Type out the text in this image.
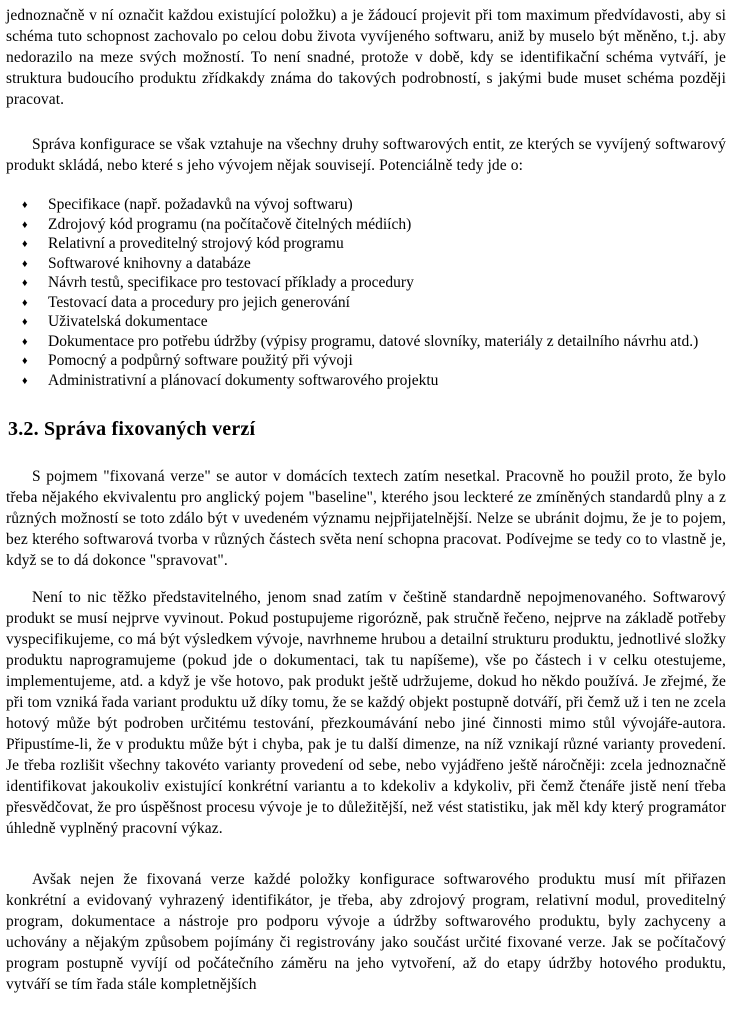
jednoznačně v ní označit každou existující položku) a je žádoucí projevit při tom maximum předvídavosti, aby si schéma tuto schopnost zachovalo po celou dobu života vyvíjeného softwaru, aniž by muselo být měněno, t.j. aby nedorazilo na meze svých možností. To není snadné, protože v době, kdy se identifikační schéma vytváří, je struktura budoucího produktu zřídkakdy známa do takových podrobností, s jakými bude muset schéma později pracovat.

Správa konfigurace se však vztahuje na všechny druhy softwarových entit, ze kterých se vyvíjený softwarový produkt skládá, nebo které s jeho vývojem nějak souvisejí. Potenciálně tedy jde o:

♦ Specifikace (např. požadavků na vývoj softwaru)
♦ Zdrojový kód programu (na počítačově čitelných médiích)
♦ Relativní a proveditelný strojový kód programu
♦ Softwarové knihovny a databáze
♦ Návrh testů, specifikace pro testovací příklady a procedury
♦ Testovací data a procedury pro jejich generování
♦ Uživatelská dokumentace
♦ Dokumentace pro potřebu údržby (výpisy programu, datové slovníky, materiály z detailního návrhu atd.)
♦ Pomocný a podpůrný software použitý při vývoji
♦ Administrativní a plánovací dokumenty softwarového projektu
3.2. Správa fixovaných verzí

S pojmem "fixovaná verze" se autor v domácích textech zatím nesetkal. Pracovně ho použil proto, že bylo třeba nějakého ekvivalentu pro anglický pojem "baseline", kterého jsou leckteré ze zmíněných standardů plny a z různých možností se toto zdálo být v uvedeném významu nejpřijatelnější. Nelze se ubránit dojmu, že je to pojem, bez kterého softwarová tvorba v různých částech světa není schopna pracovat. Podívejme se tedy co to vlastně je, když se to dá dokonce "spravovat".

Není to nic těžko představitelného, jenom snad zatím v češtině standardně nepojmenovaného. Softwarový produkt se musí nejprve vyvinout. Pokud postupujeme rigorózně, pak stručně řečeno, nejprve na základě potřeby vyspecifikujeme, co má být výsledkem vývoje, navrhneme hrubou a detailní strukturu produktu, jednotlivé složky produktu naprogramujeme (pokud jde o dokumentaci, tak tu napíšeme), vše po částech i v celku otestujeme, implementujeme, atd. a když je vše hotovo, pak produkt ještě udržujeme, dokud ho někdo používá. Je zřejmé, že při tom vzniká řada variant produktu už díky tomu, že se každý objekt postupně dotváří, při čemž už i ten ne zcela hotový může být podroben určitému testování, přezkoumávání nebo jiné činnosti mimo stůl vývojáře-autora. Připustíme-li, že v produktu může být i chyba, pak je tu další dimenze, na níž vznikají různé varianty provedení. Je třeba rozlišit všechny takovéto varianty provedení od sebe, nebo vyjádřeno ještě náročněji: zcela jednoznačně identifikovat jakoukoliv existující konkrétní variantu a to kdekoliv a kdykoliv, při čemž čtenáře jistě není třeba přesvědčovat, že pro úspěšnost procesu vývoje je to důležitější, než vést statistiku, jak měl kdy který programátor úhledně vyplněný pracovní výkaz.

Avšak nejen že fixovaná verze každé položky konfigurace softwarového produktu musí mít přiřazen konkrétní a evidovaný vyhrazený identifikátor, je třeba, aby zdrojový program, relativní modul, proveditelný program, dokumentace a nástroje pro podporu vývoje a údržby softwarového produktu, byly zachyceny a uchovány a nějakým způsobem pojímány či registrovány jako součást určité fixované verze. Jak se počítačový program postupně vyvíjí od počátečního záměru na jeho vytvoření, až do etapy údržby hotového produktu, vytváří se tím řada stále kompletnějších
